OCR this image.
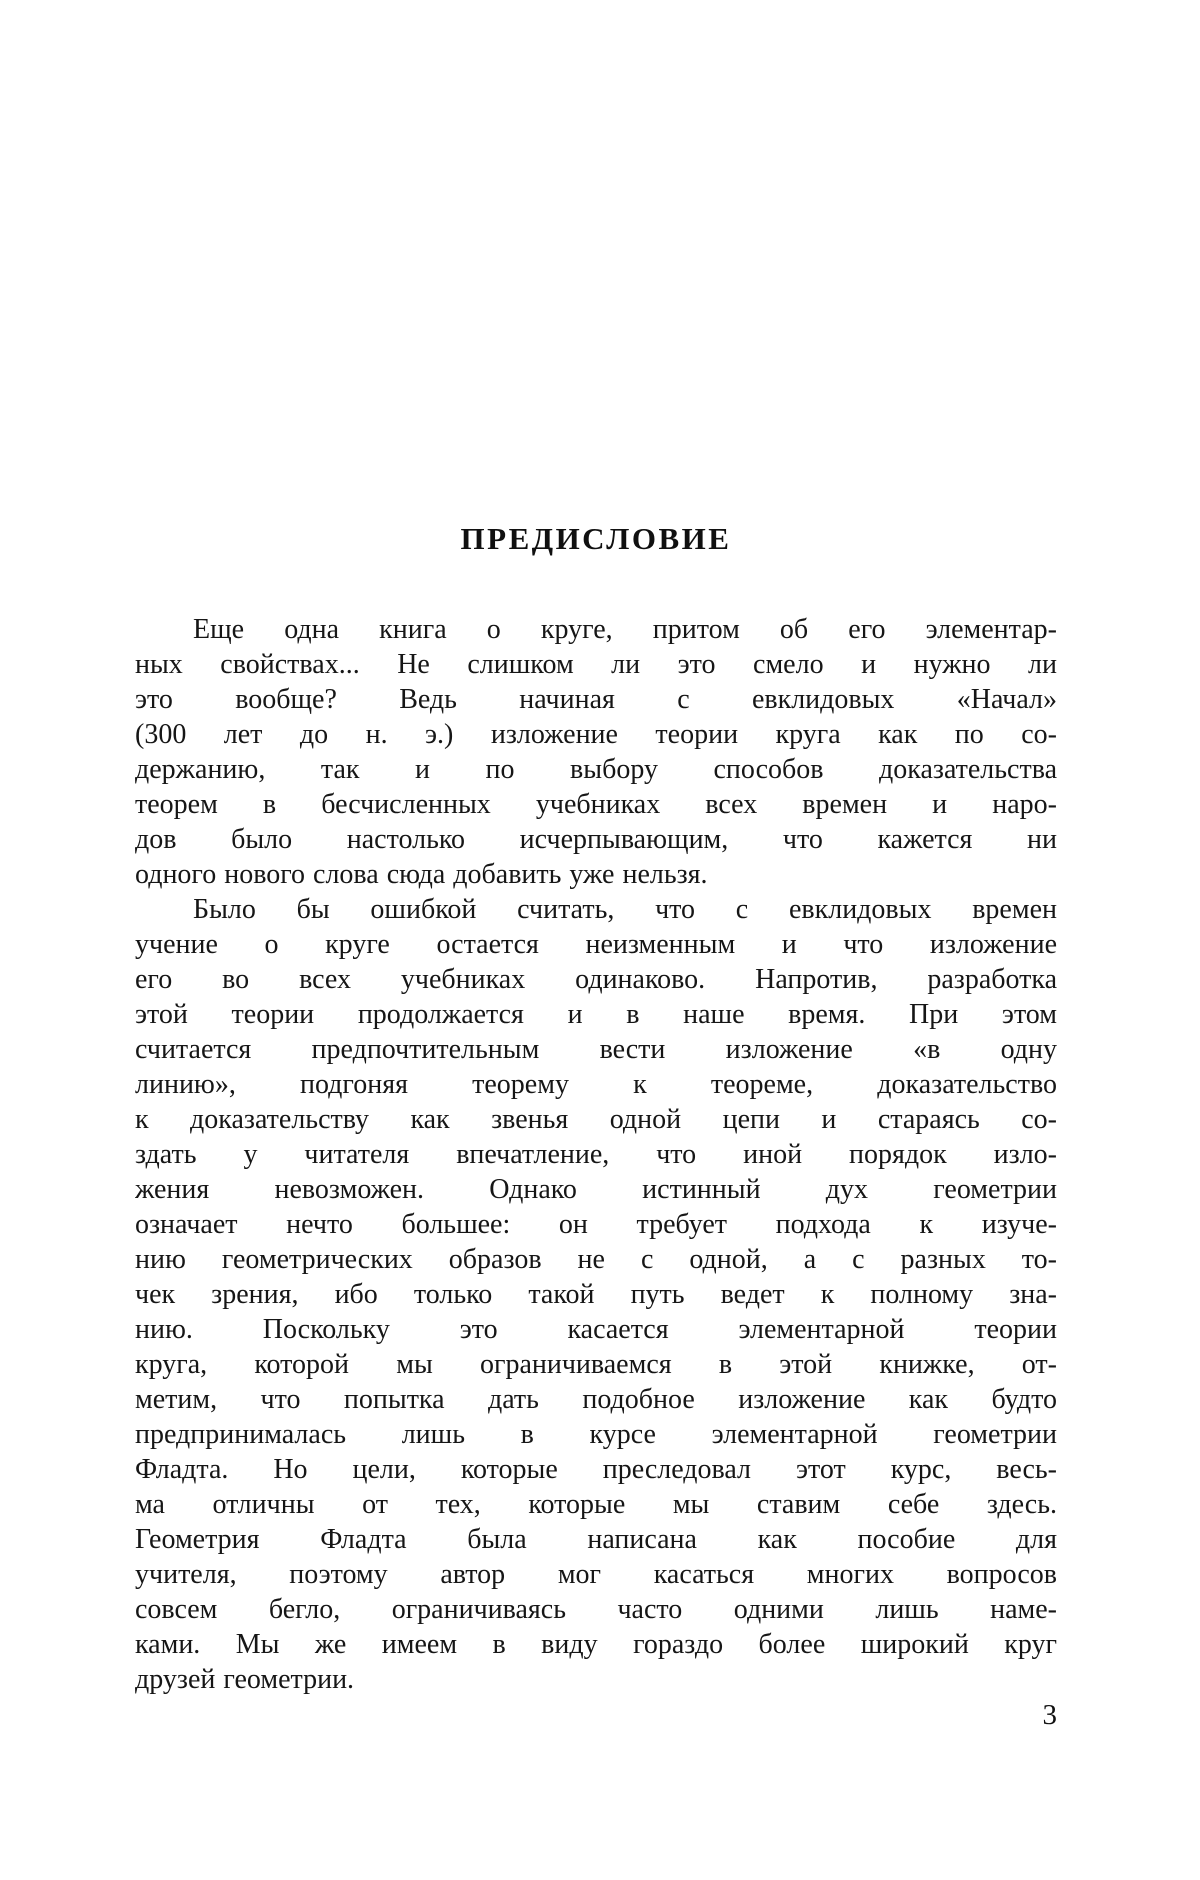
ПРЕДИСЛОВИЕ
Еще одна книга о круге, притом об его элементар-
ных свойствах... Не слишком ли это смело и нужно ли
это вообще? Ведь начиная с евклидовых «Начал»
(300 лет до н. э.) изложение теории круга как по со-
держанию, так и по выбору способов доказательства
теорем в бесчисленных учебниках всех времен и наро-
дов было настолько исчерпывающим, что кажется ни
одного нового слова сюда добавить уже нельзя.
Было бы ошибкой считать, что с евклидовых времен
учение о круге остается неизменным и что изложение
его во всех учебниках одинаково. Напротив, разработка
этой теории продолжается и в наше время. При этом
считается предпочтительным вести изложение «в одну
линию», подгоняя теорему к теореме, доказательство
к доказательству как звенья одной цепи и стараясь со-
здать у читателя впечатление, что иной порядок изло-
жения невозможен. Однако истинный дух геометрии
означает нечто большее: он требует подхода к изуче-
нию геометрических образов не с одной, а с разных то-
чек зрения, ибо только такой путь ведет к полному зна-
нию. Поскольку это касается элементарной теории
круга, которой мы ограничиваемся в этой книжке, от-
метим, что попытка дать подобное изложение как будто
предпринималась лишь в курсе элементарной геометрии
Фладта. Но цели, которые преследовал этот курс, весь-
ма отличны от тех, которые мы ставим себе здесь.
Геометрия Фладта была написана как пособие для
учителя, поэтому автор мог касаться многих вопросов
совсем бегло, ограничиваясь часто одними лишь наме-
ками. Мы же имеем в виду гораздо более широкий круг
друзей геометрии.
3
